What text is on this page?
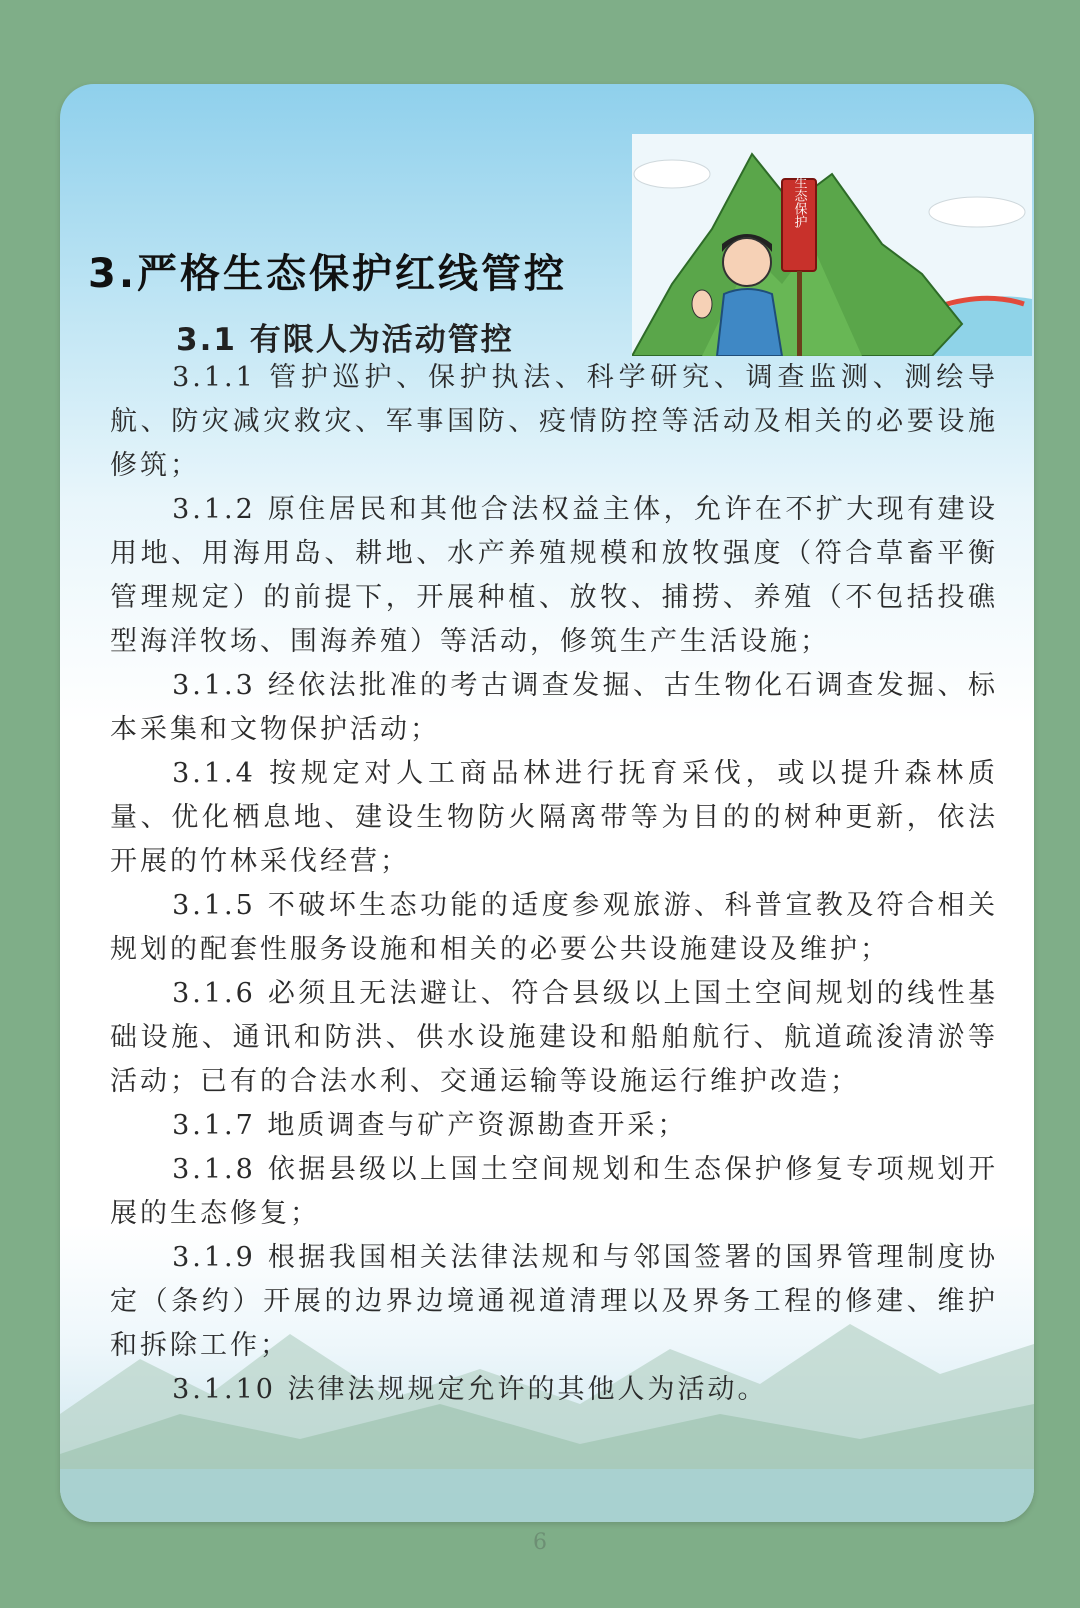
生态保护
3.严格生态保护红线管控
3.1 有限人为活动管控

3.1.1 管护巡护、保护执法、科学研究、调查监测、测绘导航、防灾减灾救灾、军事国防、疫情防控等活动及相关的必要设施修筑；

3.1.2 原住居民和其他合法权益主体，允许在不扩大现有建设用地、用海用岛、耕地、水产养殖规模和放牧强度（符合草畜平衡管理规定）的前提下，开展种植、放牧、捕捞、养殖（不包括投礁型海洋牧场、围海养殖）等活动，修筑生产生活设施；

3.1.3 经依法批准的考古调查发掘、古生物化石调查发掘、标本采集和文物保护活动；

3.1.4 按规定对人工商品林进行抚育采伐，或以提升森林质量、优化栖息地、建设生物防火隔离带等为目的的树种更新，依法开展的竹林采伐经营；

3.1.5 不破坏生态功能的适度参观旅游、科普宣教及符合相关规划的配套性服务设施和相关的必要公共设施建设及维护；

3.1.6 必须且无法避让、符合县级以上国土空间规划的线性基础设施、通讯和防洪、供水设施建设和船舶航行、航道疏浚清淤等活动；已有的合法水利、交通运输等设施运行维护改造；

3.1.7 地质调查与矿产资源勘查开采；

3.1.8 依据县级以上国土空间规划和生态保护修复专项规划开展的生态修复；

3.1.9 根据我国相关法律法规和与邻国签署的国界管理制度协定（条约）开展的边界边境通视道清理以及界务工程的修建、维护和拆除工作；

3.1.10 法律法规规定允许的其他人为活动。

6
